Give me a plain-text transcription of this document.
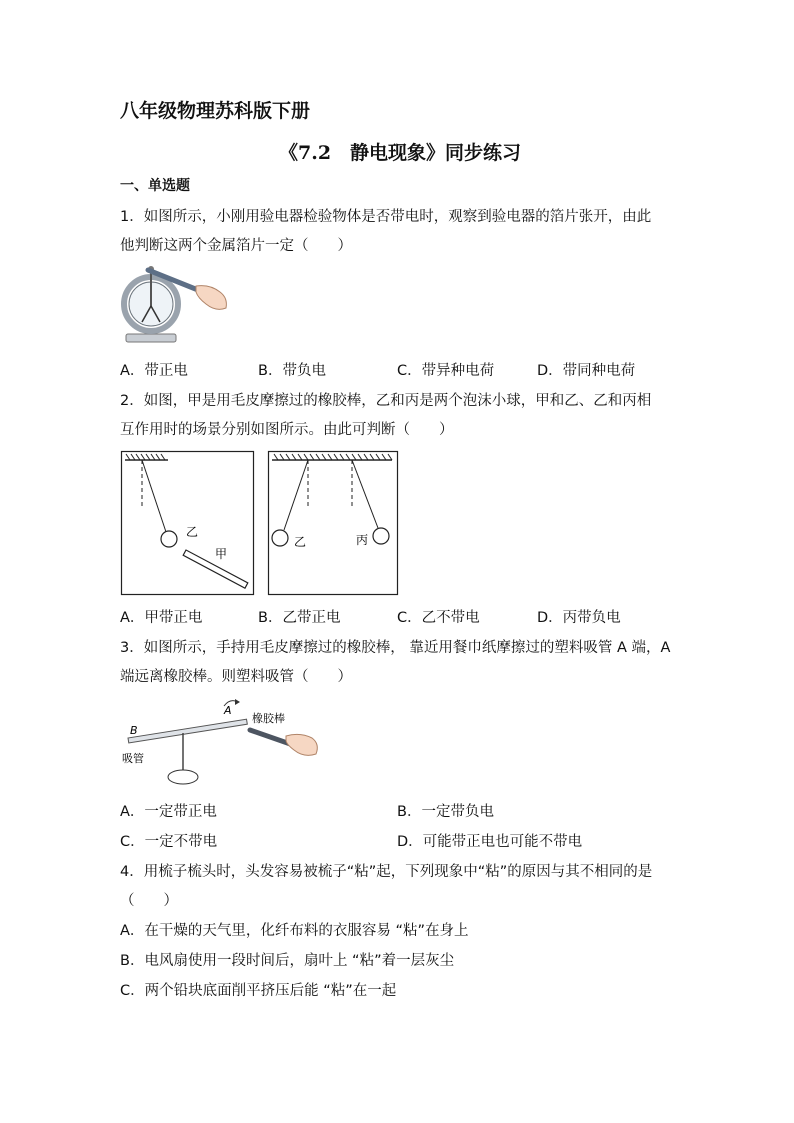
八年级物理苏科版下册
《7.2　静电现象》同步练习
一、单选题
1．如图所示，小刚用验电器检验物体是否带电时，观察到验电器的箔片张开，由此
他判断这两个金属箔片一定（　　）
A．带正电	B．带负电	C．带异种电荷	D．带同种电荷
2．如图，甲是用毛皮摩擦过的橡胶棒，乙和丙是两个泡沫小球，甲和乙、乙和丙相
互作用时的场景分别如图所示。由此可判断（　　）
乙
甲
乙	丙
A．甲带正电	B．乙带正电	C．乙不带电	D．丙带负电
3．如图所示，手持用毛皮摩擦过的橡胶棒， 靠近用餐巾纸摩擦过的塑料吸管 A 端，A
端远离橡胶棒。则塑料吸管（　　）
B
A
吸管
橡胶棒
A．一定带正电	B．一定带负电
C．一定不带电	D．可能带正电也可能不带电
4．用梳子梳头时，头发容易被梳子“粘”起，下列现象中“粘”的原因与其不相同的是
（　　）
A．在干燥的天气里，化纤布料的衣服容易 “粘”在身上
B．电风扇使用一段时间后，扇叶上 “粘”着一层灰尘
C．两个铅块底面削平挤压后能 “粘”在一起
